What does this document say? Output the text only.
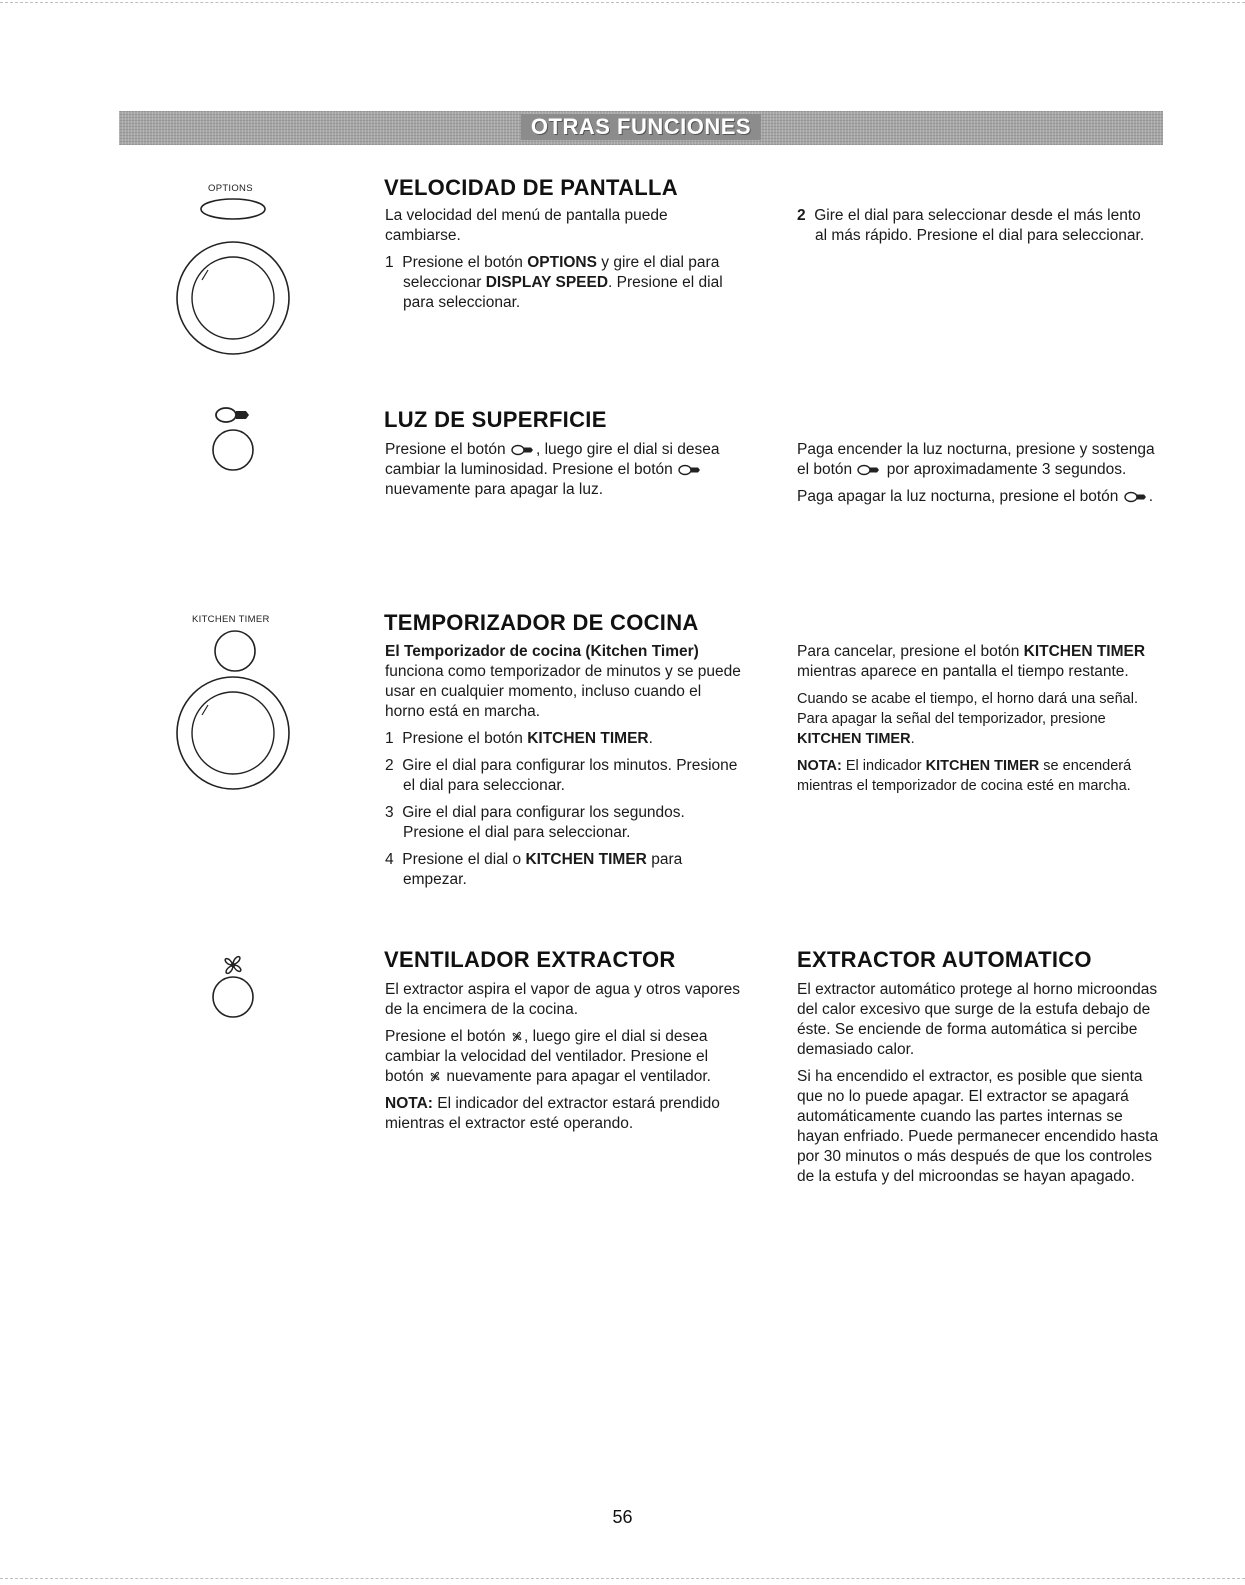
OTRAS FUNCIONES
OPTIONS
KITCHEN TIMER
VELOCIDAD DE PANTALLA

La velocidad del menú de pantalla puede cambiarse.

1 Presione el botón OPTIONS y gire el dial para seleccionar DISPLAY SPEED. Presione el dial para seleccionar.

2 Gire el dial para seleccionar desde el más lento al más rápido. Presione el dial para seleccionar.

LUZ DE SUPERFICIE

Presione el botón , luego gire el dial si desea cambiar la luminosidad. Presione el botón  nuevamente para apagar la luz.

Paga encender la luz nocturna, presione y sostenga el botón por aproximadamente 3 segundos.

Paga apagar la luz nocturna, presione el botón .

TEMPORIZADOR DE COCINA

El Temporizador de cocina (Kitchen Timer) funciona como temporizador de minutos y se puede usar en cualquier momento, incluso cuando el horno está en marcha.

1 Presione el botón KITCHEN TIMER.

2 Gire el dial para configurar los minutos. Presione el dial para seleccionar.

3 Gire el dial para configurar los segundos. Presione el dial para seleccionar.

4 Presione el dial o KITCHEN TIMER para empezar.

Para cancelar, presione el botón KITCHEN TIMER mientras aparece en pantalla el tiempo restante.

Cuando se acabe el tiempo, el horno dará una señal. Para apagar la señal del temporizador, presione KITCHEN TIMER.

NOTA: El indicador KITCHEN TIMER se encenderá mientras el temporizador de cocina esté en marcha.

VENTILADOR EXTRACTOR

El extractor aspira el vapor de agua y otros vapores de la encimera de la cocina.

Presione el botón , luego gire el dial si desea cambiar la velocidad del ventilador. Presione el botón nuevamente para apagar el ventilador.

NOTA: El indicador del extractor estará prendido mientras el extractor esté operando.

EXTRACTOR AUTOMATICO

El extractor automático protege al horno microondas del calor excesivo que surge de la estufa debajo de éste. Se enciende de forma automática si percibe demasiado calor.

Si ha encendido el extractor, es posible que sienta que no lo puede apagar. El extractor se apagará automáticamente cuando las partes internas se hayan enfriado. Puede permanecer encendido hasta por 30 minutos o más después de que los controles de la estufa y del microondas se hayan apagado.

56
